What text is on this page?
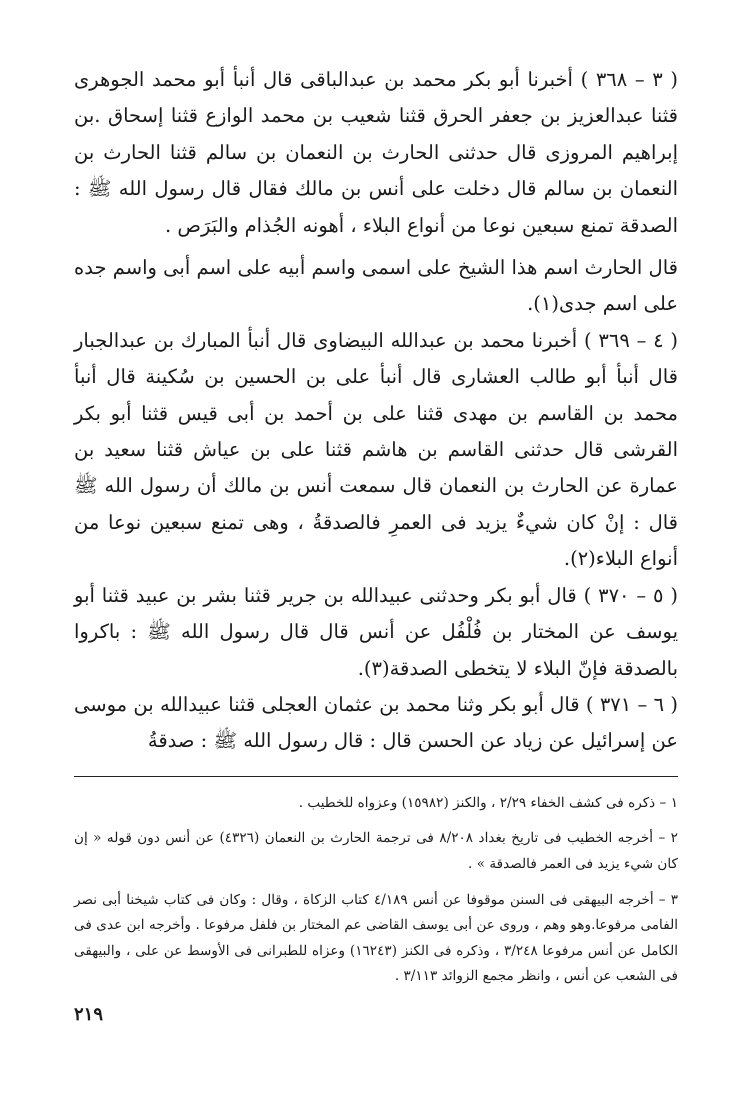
( ٣ – ٣٦٨ ) أخبرنا أبو بكر محمد بن عبدالباقى قال أنبأ أبو محمد الجوهرى قثنا عبدالعزيز بن جعفر الحرق قثنا شعيب بن محمد الوازع قثنا إسحاق .بن إبراهيم المروزى قال حدثنى الحارث بن النعمان بن سالم قثنا الحارث بن النعمان بن سالم قال دخلت على أنس بن مالك فقال قال رسول الله ﷺ : الصدقة تمنع سبعين نوعا من أنواع البلاء ، أهونه الجُذام والبَرَص .

قال الحارث اسم هذا الشيخ على اسمى واسم أبيه على اسم أبى واسم جده على اسم جدى(١).

( ٤ – ٣٦٩ ) أخبرنا محمد بن عبدالله البيضاوى قال أنبأ المبارك بن عبدالجبار قال أنبأ أبو طالب العشارى قال أنبأ على بن الحسين بن سُكينة قال أنبأ محمد بن القاسم بن مهدى قثنا على بن أحمد بن أبى قيس قثنا أبو بكر القرشى قال حدثنى القاسم بن هاشم قثنا على بن عياش قثنا سعيد بن عمارة عن الحارث بن النعمان قال سمعت أنس بن مالك أن رسول الله ﷺ قال : إنْ كان شيءٌ يزيد فى العمرِ فالصدقةُ ، وهى تمنع سبعين نوعا من أنواع البلاء(٢).

( ٥ – ٣٧٠ ) قال أبو بكر وحدثنى عبيدالله بن جرير قثنا بشر بن عبيد قثنا أبو يوسف عن المختار بن فُلْفُل عن أنس قال قال رسول الله ﷺ : باكروا بالصدقة فإنّ البلاء لا يتخطى الصدقة(٣).

( ٦ – ٣٧١ ) قال أبو بكر وثنا محمد بن عثمان العجلى قثنا عبيدالله بن موسى عن إسرائيل عن زياد عن الحسن قال : قال رسول الله ﷺ : صدقةُ

١ – ذكره فى كشف الخفاء ٢/٢٩ ، والكنز (١٥٩٨٢) وعزواه للخطيب .

٢ – أخرجه الخطيب فى تاريخ بغداد ٨/٢٠٨ فى ترجمة الحارث بن النعمان (٤٣٢٦) عن أنس دون قوله « إن كان شيء يزيد فى العمر فالصدقة » .

٣ – أخرجه البيهقى فى السنن موقوفا عن أنس ٤/١٨٩ كتاب الزكاة ، وقال : وكان فى كتاب شيخنا أبى نصر الفامى مرفوعا.وهو وهم ، وروى عن أبى يوسف القاضى عم المختار بن فلفل مرفوعا . وأخرجه ابن عدى فى الكامل عن أنس مرفوعا ٣/٢٤٨ ، وذكره فى الكنز (١٦٢٤٣) وعزاه للطبرانى فى الأوسط عن على ، والبيهقى فى الشعب عن أنس ، وانظر مجمع الزوائد ٣/١١٣ .

٢١٩
